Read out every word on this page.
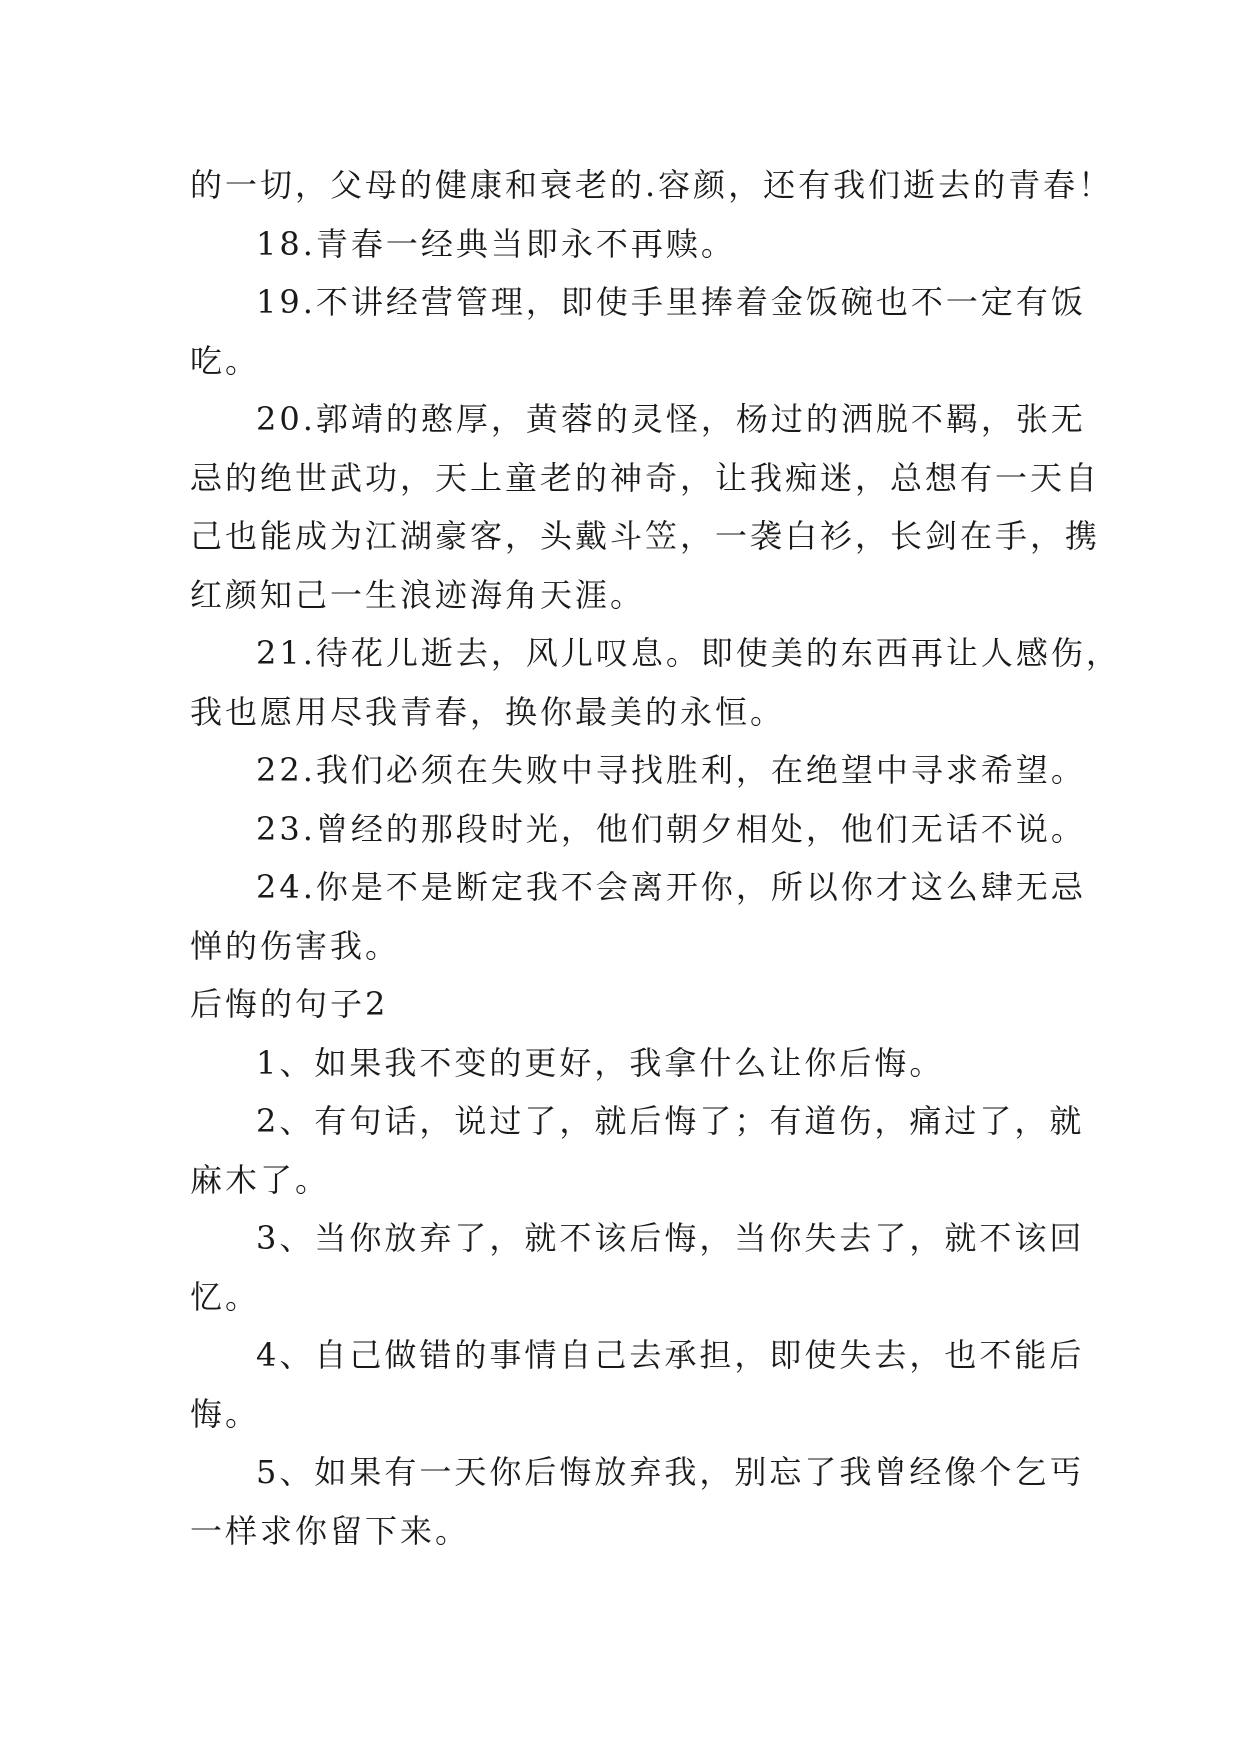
的一切，父母的健康和衰老的.容颜，还有我们逝去的青春！
18.青春一经典当即永不再赎。
19.不讲经营管理，即使手里捧着金饭碗也不一定有饭
吃。
20.郭靖的憨厚，黄蓉的灵怪，杨过的洒脱不羁，张无
忌的绝世武功，天上童老的神奇，让我痴迷，总想有一天自
己也能成为江湖豪客，头戴斗笠，一袭白衫，长剑在手，携
红颜知己一生浪迹海角天涯。
21.待花儿逝去，风儿叹息。即使美的东西再让人感伤，
我也愿用尽我青春，换你最美的永恒。
22.我们必须在失败中寻找胜利，在绝望中寻求希望。
23.曾经的那段时光，他们朝夕相处，他们无话不说。
24.你是不是断定我不会离开你，所以你才这么肆无忌
惮的伤害我。
后悔的句子2
1、如果我不变的更好，我拿什么让你后悔。
2、有句话，说过了，就后悔了；有道伤，痛过了，就
麻木了。
3、当你放弃了，就不该后悔，当你失去了，就不该回
忆。
4、自己做错的事情自己去承担，即使失去，也不能后
悔。
5、如果有一天你后悔放弃我，别忘了我曾经像个乞丐
一样求你留下来。
